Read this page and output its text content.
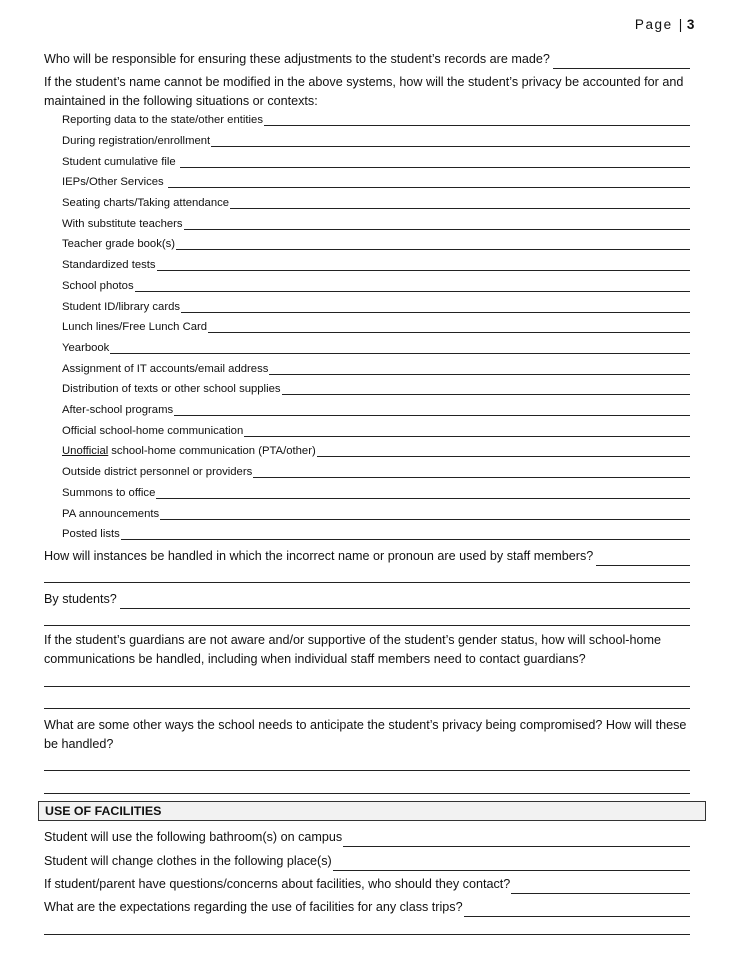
Page | 3
Who will be responsible for ensuring these adjustments to the student’s records are made?
If the student’s name cannot be modified in the above systems, how will the student’s privacy be accounted for and maintained in the following situations or contexts:
Reporting data to the state/other entities
During registration/enrollment
Student cumulative file
IEPs/Other Services
Seating charts/Taking attendance
With substitute teachers
Teacher grade book(s)
Standardized tests
School photos
Student ID/library cards
Lunch lines/Free Lunch Card
Yearbook
Assignment of IT accounts/email address
Distribution of texts or other school supplies
After-school programs
Official school-home communication
Unofficial school-home communication (PTA/other)
Outside district personnel or providers
Summons to office
PA announcements
Posted lists
How will instances be handled in which the incorrect name or pronoun are used by staff members?
By students?
If the student’s guardians are not aware and/or supportive of the student’s gender status, how will school-home communications be handled, including when individual staff members need to contact guardians?
What are some other ways the school needs to anticipate the student’s privacy being compromised? How will these be handled?
USE OF FACILITIES
Student will use the following bathroom(s) on campus
Student will change clothes in the following place(s)
If student/parent have questions/concerns about facilities, who should they contact?
What are the expectations regarding the use of facilities for any class trips?
